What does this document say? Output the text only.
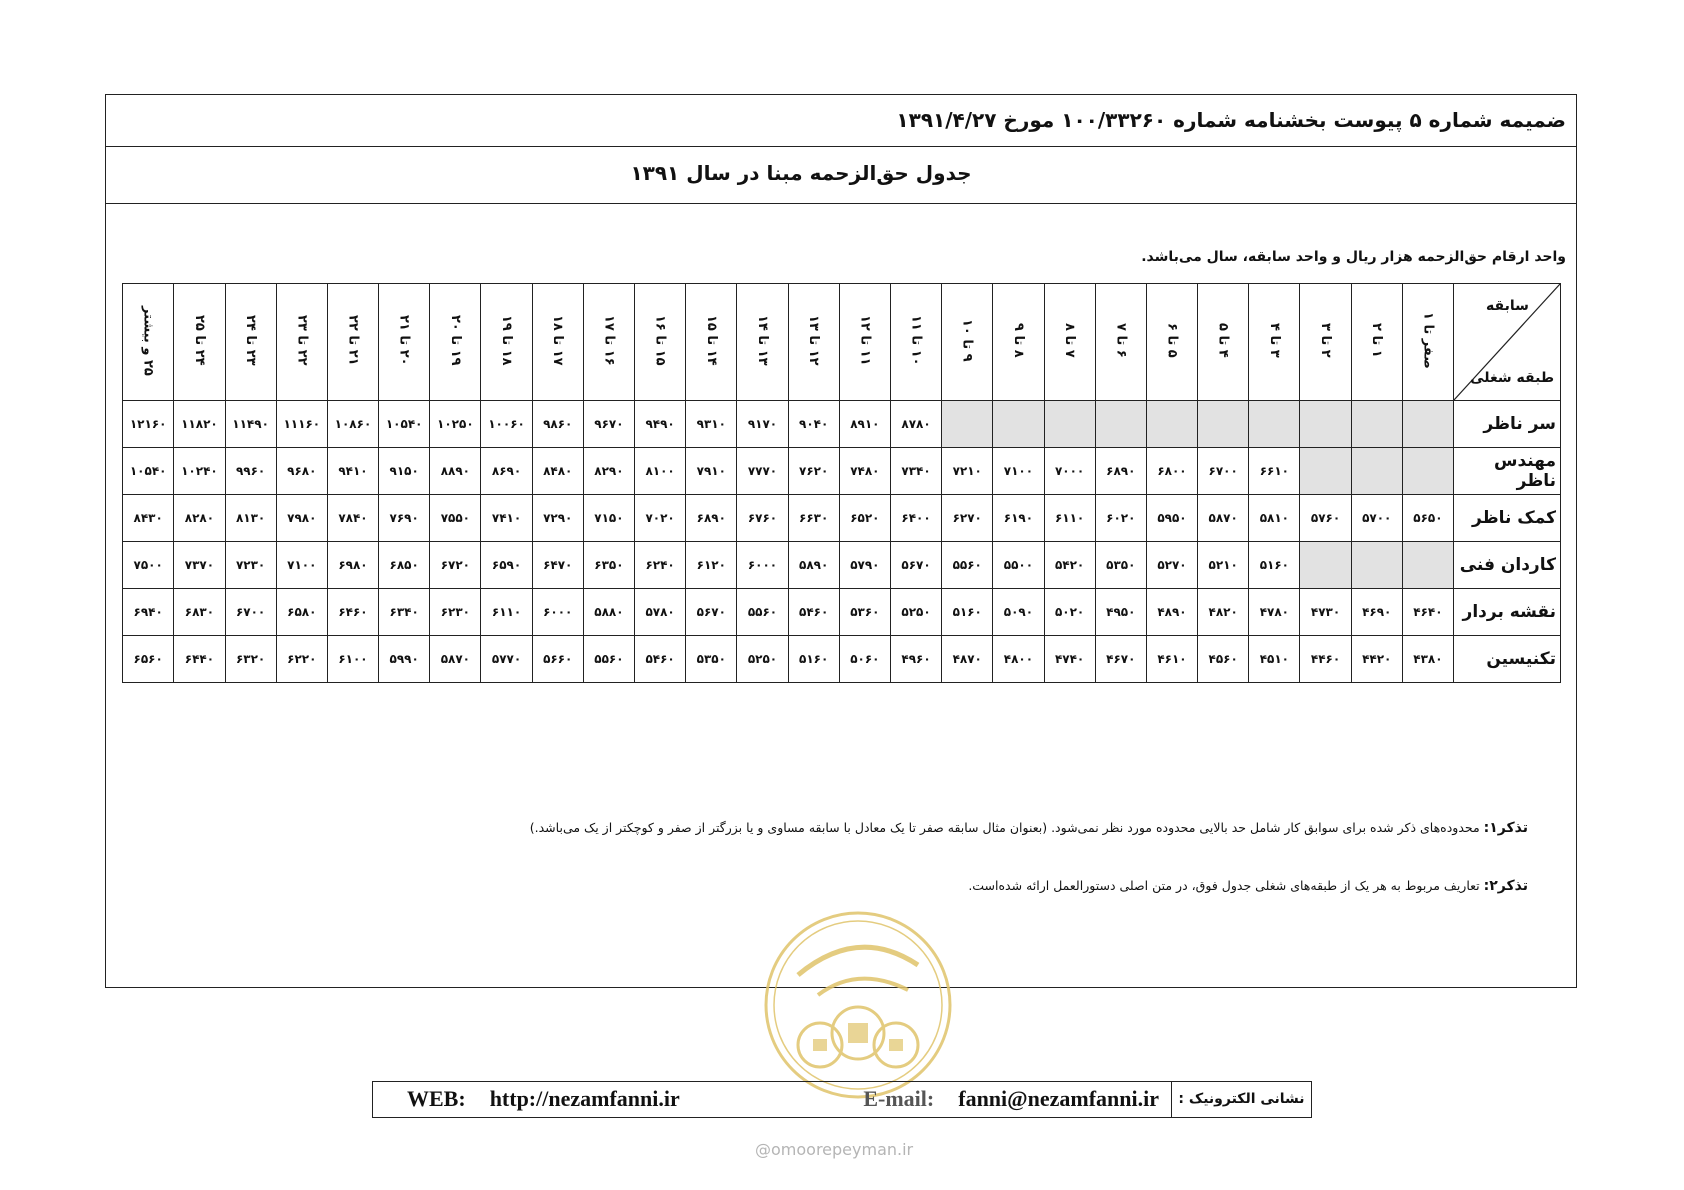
ضمیمه شماره ۵ پیوست بخشنامه شماره ۱۰۰/۳۳۲۶۰ مورخ ۱۳۹۱/۴/۲۷
جدول حق‌الزحمه مبنا در سال ۱۳۹۱
واحد ارقام حق‌الزحمه هزار ریال و واحد سابقه، سال می‌باشد.
سابقه
طبقه شغلی	صفر تا ۱	۱ تا ۲	۲ تا ۳	۳ تا ۴	۴ تا ۵	۵ تا ۶	۶ تا ۷	۷ تا ۸	۸ تا ۹	۹ تا ۱۰	۱۰ تا ۱۱	۱۱ تا ۱۲	۱۲ تا ۱۳	۱۳ تا ۱۴	۱۴ تا ۱۵	۱۵ تا ۱۶	۱۶ تا ۱۷	۱۷ تا ۱۸	۱۸ تا ۱۹	۱۹ تا ۲۰	۲۰ تا ۲۱	۲۱ تا ۲۲	۲۲ تا ۲۳	۲۳ تا ۲۴	۲۴ تا ۲۵	۲۵ و بیشتر
سر ناظر											۸۷۸۰	۸۹۱۰	۹۰۴۰	۹۱۷۰	۹۳۱۰	۹۴۹۰	۹۶۷۰	۹۸۶۰	۱۰۰۶۰	۱۰۲۵۰	۱۰۵۴۰	۱۰۸۶۰	۱۱۱۶۰	۱۱۴۹۰	۱۱۸۲۰	۱۲۱۶۰
مهندس ناظر				۶۶۱۰	۶۷۰۰	۶۸۰۰	۶۸۹۰	۷۰۰۰	۷۱۰۰	۷۲۱۰	۷۳۴۰	۷۴۸۰	۷۶۲۰	۷۷۷۰	۷۹۱۰	۸۱۰۰	۸۲۹۰	۸۴۸۰	۸۶۹۰	۸۸۹۰	۹۱۵۰	۹۴۱۰	۹۶۸۰	۹۹۶۰	۱۰۲۴۰	۱۰۵۴۰
کمک ناظر	۵۶۵۰	۵۷۰۰	۵۷۶۰	۵۸۱۰	۵۸۷۰	۵۹۵۰	۶۰۲۰	۶۱۱۰	۶۱۹۰	۶۲۷۰	۶۴۰۰	۶۵۲۰	۶۶۳۰	۶۷۶۰	۶۸۹۰	۷۰۲۰	۷۱۵۰	۷۲۹۰	۷۴۱۰	۷۵۵۰	۷۶۹۰	۷۸۴۰	۷۹۸۰	۸۱۳۰	۸۲۸۰	۸۴۳۰
کاردان فنی				۵۱۶۰	۵۲۱۰	۵۲۷۰	۵۳۵۰	۵۴۲۰	۵۵۰۰	۵۵۶۰	۵۶۷۰	۵۷۹۰	۵۸۹۰	۶۰۰۰	۶۱۲۰	۶۲۴۰	۶۳۵۰	۶۴۷۰	۶۵۹۰	۶۷۲۰	۶۸۵۰	۶۹۸۰	۷۱۰۰	۷۲۳۰	۷۳۷۰	۷۵۰۰
نقشه بردار	۴۶۴۰	۴۶۹۰	۴۷۳۰	۴۷۸۰	۴۸۲۰	۴۸۹۰	۴۹۵۰	۵۰۲۰	۵۰۹۰	۵۱۶۰	۵۲۵۰	۵۳۶۰	۵۴۶۰	۵۵۶۰	۵۶۷۰	۵۷۸۰	۵۸۸۰	۶۰۰۰	۶۱۱۰	۶۲۳۰	۶۳۴۰	۶۴۶۰	۶۵۸۰	۶۷۰۰	۶۸۳۰	۶۹۴۰
تکنیسین	۴۳۸۰	۴۴۲۰	۴۴۶۰	۴۵۱۰	۴۵۶۰	۴۶۱۰	۴۶۷۰	۴۷۴۰	۴۸۰۰	۴۸۷۰	۴۹۶۰	۵۰۶۰	۵۱۶۰	۵۲۵۰	۵۳۵۰	۵۴۶۰	۵۵۶۰	۵۶۶۰	۵۷۷۰	۵۸۷۰	۵۹۹۰	۶۱۰۰	۶۲۲۰	۶۳۲۰	۶۴۴۰	۶۵۶۰
تذکر۱: محدوده‌های ذکر شده برای سوابق کار شامل حد بالایی محدوده مورد نظر نمی‌شود. (بعنوان مثال سابقه صفر تا یک معادل با سابقه مساوی و یا بزرگتر از صفر و کوچکتر از یک می‌باشد.)
تذکر۲: تعاریف مربوط به هر یک از طبقه‌های شغلی جدول فوق، در متن اصلی دستورالعمل ارائه شده‌است.
نشانی الکترونیک :
WEB: http://nezamfanni.ir	E-mail: fanni@nezamfanni.ir
@omoorepeyman.ir
